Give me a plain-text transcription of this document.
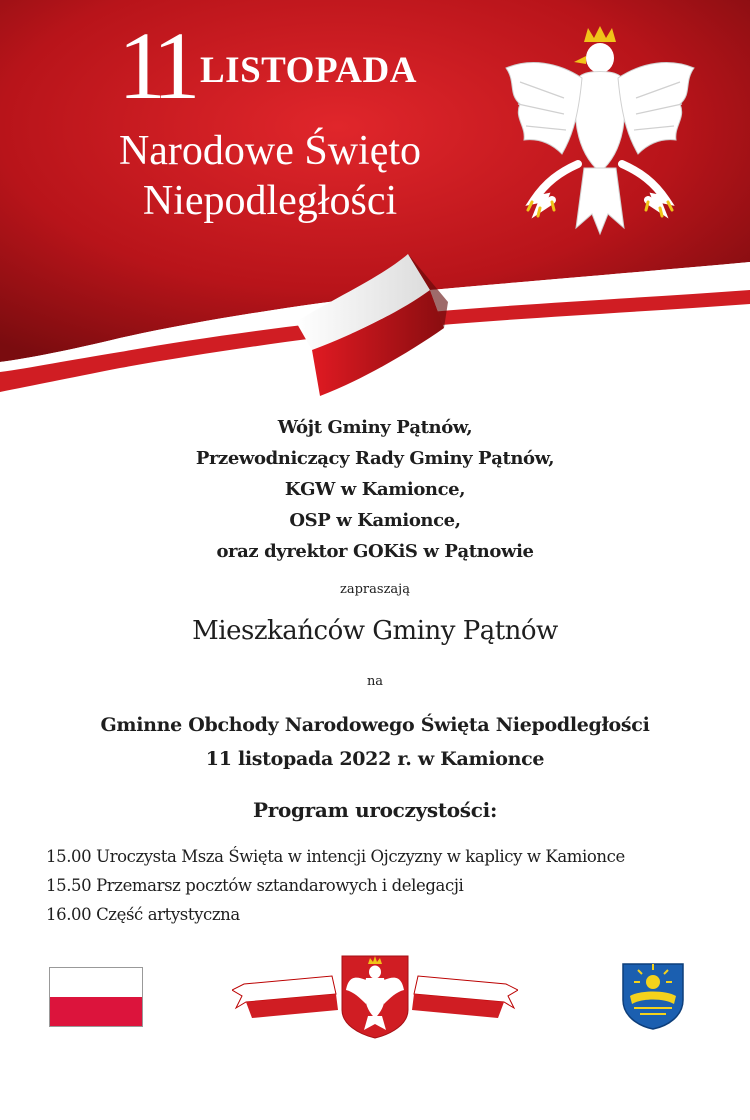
11 LISTOPADA
Narodowe Święto
Niepodległości
Wójt Gminy Pątnów,
Przewodniczący Rady Gminy Pątnów,
KGW w Kamionce,
OSP w Kamionce,
oraz dyrektor GOKiS w Pątnowie
zapraszają
Mieszkańców Gminy Pątnów
na
Gminne Obchody Narodowego Święta Niepodległości
11 listopada 2022 r. w Kamionce
Program uroczystości:
15.00 Uroczysta Msza Święta w intencji Ojczyzny w kaplicy w Kamionce
15.50 Przemarsz pocztów sztandarowych i delegacji
16.00 Część artystyczna
